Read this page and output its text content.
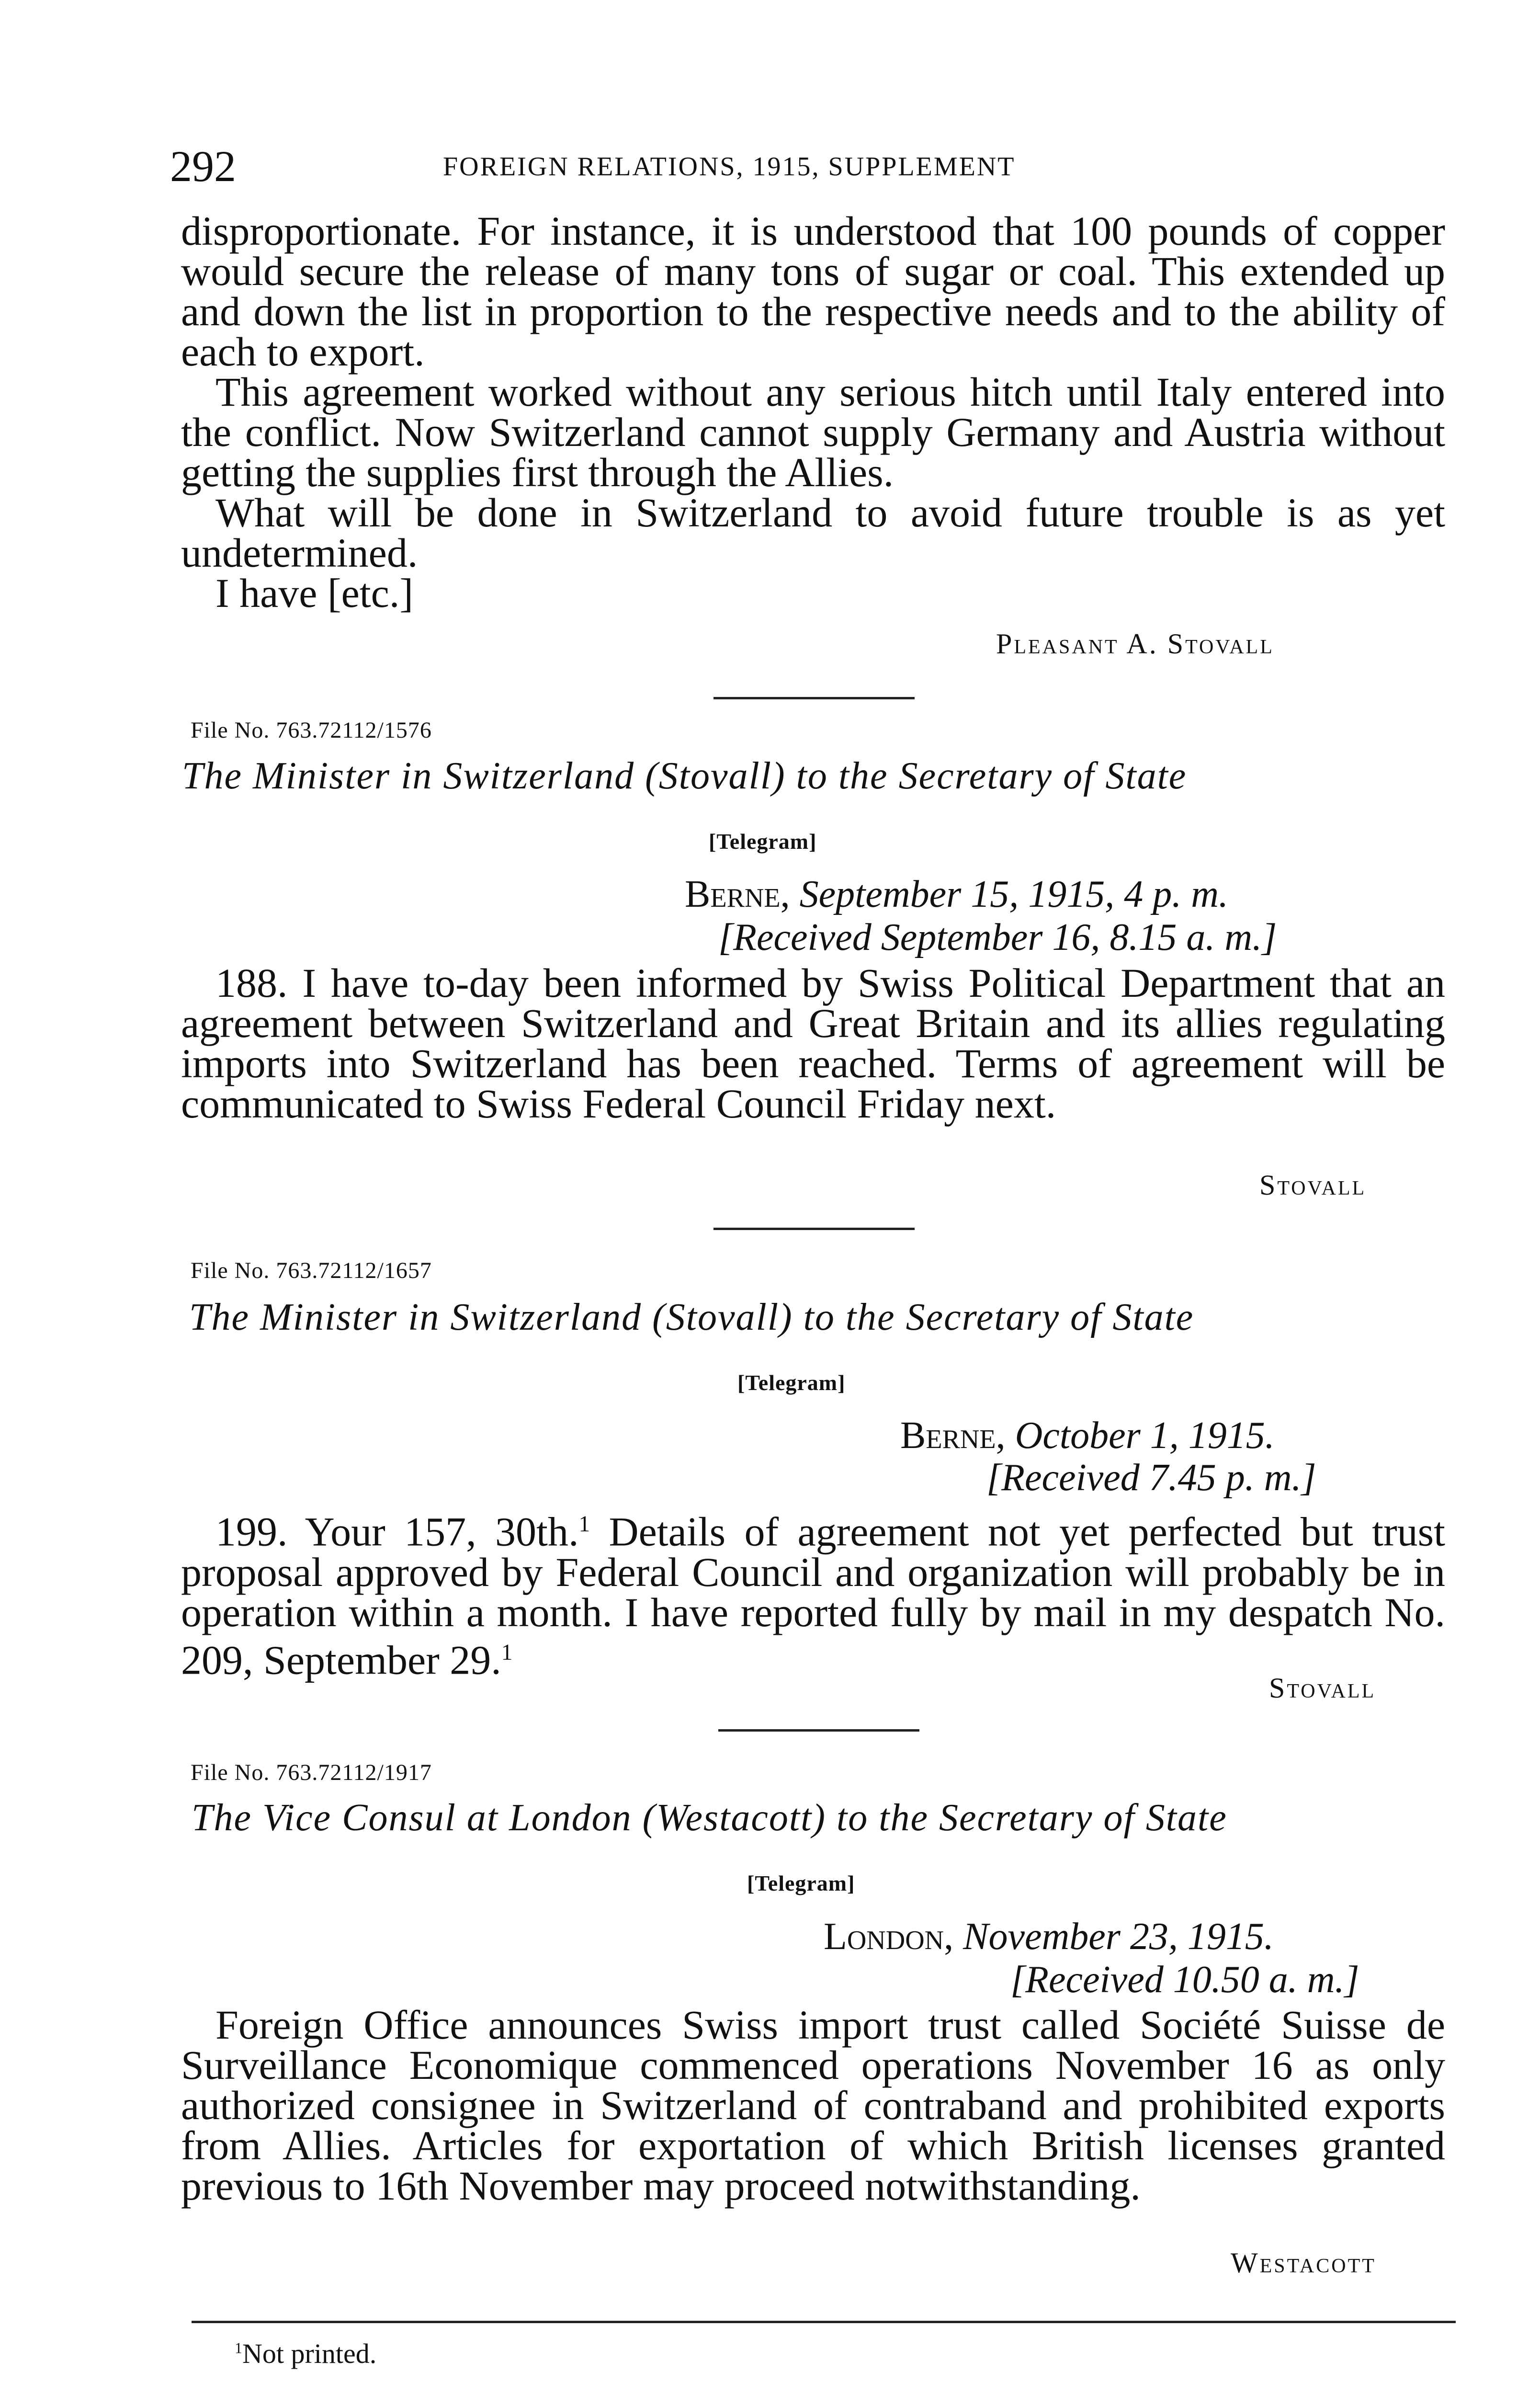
292	FOREIGN RELATIONS, 1915, SUPPLEMENT

disproportionate. For instance, it is understood that 100 pounds of copper would secure the release of many tons of sugar or coal. This extended up and down the list in proportion to the respective needs and to the ability of each to export.

This agreement worked without any serious hitch until Italy entered into the conflict. Now Switzerland cannot supply Germany and Austria without getting the supplies first through the Allies.

What will be done in Switzerland to avoid future trouble is as yet undetermined.

I have [etc.]
Pleasant A. Stovall
File No. 763.72112/1576
The Minister in Switzerland (Stovall) to the Secretary of State
[Telegram]
Berne, September 15, 1915, 4 p. m.
[Received September 16, 8.15 a. m.]

188. I have to-day been informed by Swiss Political Department that an agreement between Switzerland and Great Britain and its allies regulating imports into Switzerland has been reached. Terms of agreement will be communicated to Swiss Federal Council Friday next.

Stovall
File No. 763.72112/1657
The Minister in Switzerland (Stovall) to the Secretary of State
[Telegram]
Berne, October 1, 1915.
[Received 7.45 p. m.]

199. Your 157, 30th.$^1$ Details of agreement not yet perfected but trust proposal approved by Federal Council and organization will probably be in operation within a month. I have reported fully by mail in my despatch No. 209, September 29.$^1$

Stovall
File No. 763.72112/1917
The Vice Consul at London (Westacott) to the Secretary of State
[Telegram]
London, November 23, 1915.
[Received 10.50 a. m.]

Foreign Office announces Swiss import trust called Société Suisse de Surveillance Economique commenced operations November 16 as only authorized consignee in Switzerland of contraband and prohibited exports from Allies. Articles for exportation of which British licenses granted previous to 16th November may proceed notwithstanding.

Westacott
$^1$Not printed.
